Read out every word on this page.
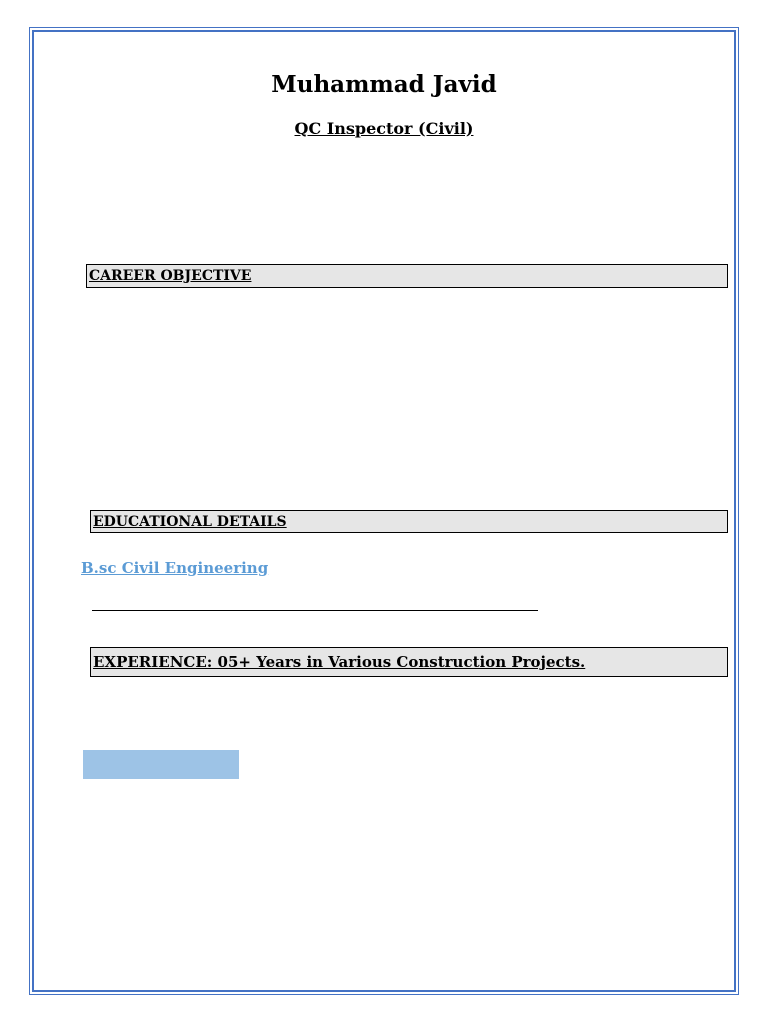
Muhammad Javid
QC Inspector (Civil)
CAREER OBJECTIVE
EDUCATIONAL DETAILS
B.sc Civil Engineering
EXPERIENCE: 05+ Years in Various Construction Projects.
